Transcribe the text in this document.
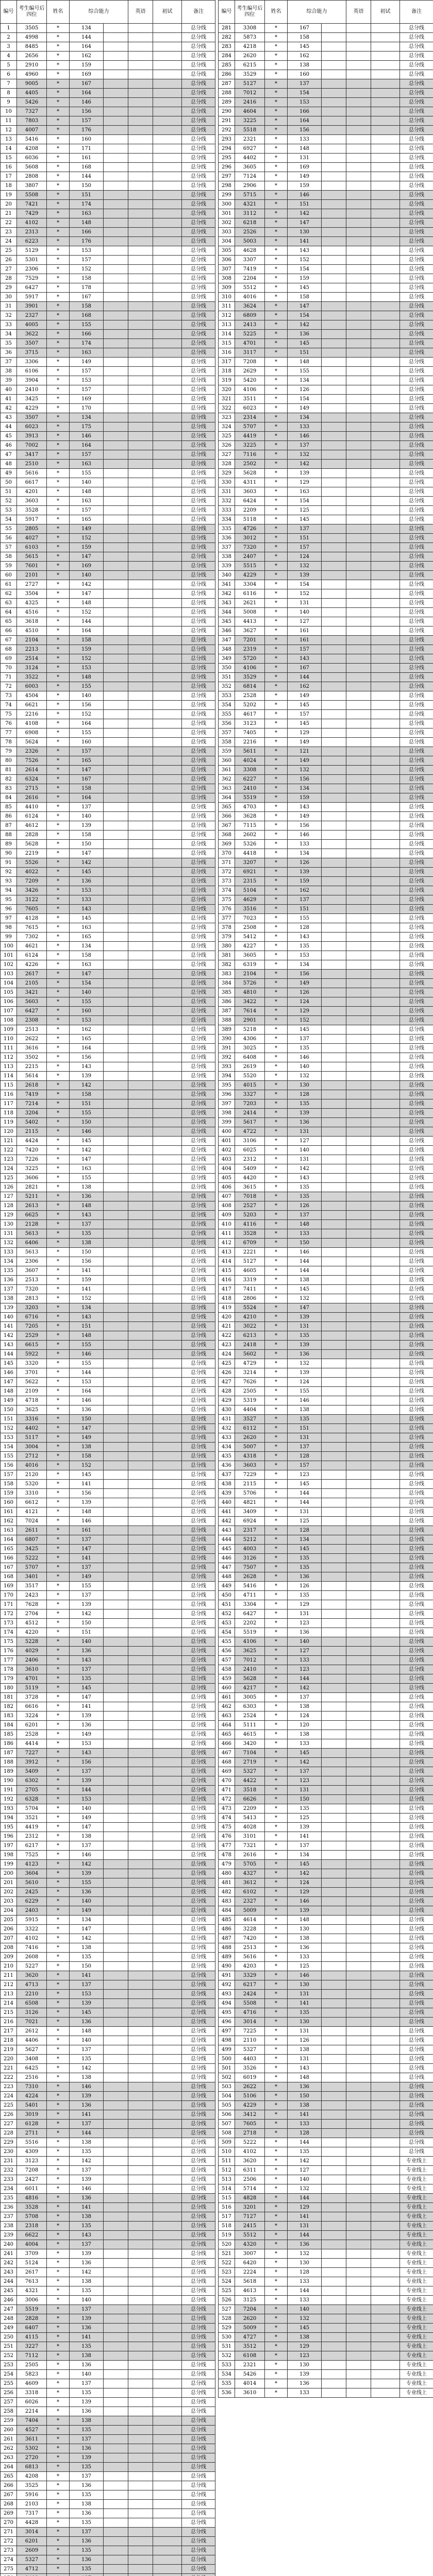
编号	考生编号后四位	姓名	综合能力		英语	初试	备注
1	3505	*	134				总分线
2	4998	*	144				总分线
3	8485	*	164				总分线
4	2656	*	162				总分线
5	2910	*	159				总分线
6	4960	*	169				总分线
7	9005	*	167				总分线
8	4405	*	164				总分线
9	5426	*	146				总分线
10	7327	*	156				总分线
11	7803	*	157				总分线
12	4007	*	176				总分线
13	5416	*	160				总分线
14	4208	*	171				总分线
15	6036	*	161				总分线
16	5608	*	168				总分线
17	2808	*	144				总分线
18	3807	*	150				总分线
19	5508	*	151				总分线
20	7421	*	174				总分线
21	7429	*	163				总分线
22	4102	*	148				总分线
23	2313	*	166				总分线
24	6223	*	176				总分线
25	5129	*	153				总分线
26	5301	*	157				总分线
27	2306	*	152				总分线
28	7529	*	158				总分线
29	6427	*	178				总分线
30	5917	*	167				总分线
31	3901	*	158				总分线
32	2327	*	168				总分线
33	4005	*	155				总分线
34	3622	*	166				总分线
35	3507	*	174				总分线
36	3715	*	163				总分线
37	3306	*	149				总分线
38	6106	*	157				总分线
39	3904	*	153				总分线
40	2410	*	157				总分线
41	3425	*	169				总分线
42	4229	*	170				总分线
43	3507	*	134				总分线
44	6023	*	175				总分线
45	3913	*	146				总分线
46	7002	*	164				总分线
47	3417	*	157				总分线
48	2510	*	163				总分线
49	5616	*	155				总分线
50	6617	*	140				总分线
51	4201	*	148				总分线
52	3603	*	163				总分线
53	3528	*	157				总分线
54	5917	*	165				总分线
55	2805	*	149				总分线
56	4027	*	152				总分线
57	6103	*	159				总分线
58	5615	*	147				总分线
59	7601	*	169				总分线
60	2101	*	140				总分线
61	2727	*	142				总分线
62	3504	*	147				总分线
63	4325	*	148				总分线
64	4516	*	152				总分线
65	3618	*	144				总分线
66	4510	*	164				总分线
67	2104	*	158				总分线
68	2213	*	159				总分线
69	2514	*	152				总分线
70	3124	*	153				总分线
71	3522	*	148				总分线
72	6003	*	155				总分线
73	4504	*	140				总分线
74	6621	*	156				总分线
75	2216	*	152				总分线
76	4108	*	164				总分线
77	6908	*	155				总分线
78	5624	*	160				总分线
79	2326	*	157				总分线
80	7526	*	165				总分线
81	2614	*	147				总分线
82	6324	*	167				总分线
83	2715	*	158				总分线
84	2616	*	164				总分线
85	4410	*	137				总分线
86	6124	*	140				总分线
87	4612	*	139				总分线
88	2828	*	158				总分线
89	5628	*	150				总分线
90	2219	*	147				总分线
91	5526	*	142				总分线
92	4022	*	145				总分线
93	7209	*	136				总分线
94	3426	*	153				总分线
95	3122	*	133				总分线
96	7605	*	143				总分线
97	4128	*	145				总分线
98	7615	*	163				总分线
99	7302	*	165				总分线
100	4621	*	134				总分线
101	6124	*	158				总分线
102	4226	*	163				总分线
103	2617	*	147				总分线
104	2105	*	154				总分线
105	3421	*	140				总分线
106	5603	*	155				总分线
107	6427	*	160				总分线
108	2308	*	153				总分线
109	2513	*	162				总分线
110	2622	*	165				总分线
111	3616	*	164				总分线
112	3502	*	156				总分线
113	2215	*	143				总分线
114	5614	*	139				总分线
115	2618	*	142				总分线
116	7419	*	158				总分线
117	7214	*	151				总分线
118	3204	*	155				总分线
119	5402	*	150				总分线
120	2115	*	146				总分线
121	4424	*	145				总分线
122	7420	*	142				总分线
123	7226	*	147				总分线
124	3225	*	163				总分线
125	3606	*	155				总分线
126	2821	*	138				总分线
127	5211	*	136				总分线
128	2613	*	148				总分线
129	6625	*	143				总分线
130	2128	*	137				总分线
131	5613	*	135				总分线
132	6406	*	138				总分线
133	5613	*	150				总分线
134	2306	*	156				总分线
135	3607	*	141				总分线
136	2513	*	159				总分线
137	7320	*	141				总分线
138	2813	*	152				总分线
139	3203	*	134				总分线
140	6716	*	143				总分线
141	7205	*	151				总分线
142	2529	*	148				总分线
143	6615	*	155				总分线
144	5922	*	146				总分线
145	3320	*	155				总分线
146	3701	*	144				总分线
147	5622	*	153				总分线
148	2109	*	164				总分线
149	4718	*	146				总分线
150	3625	*	136				总分线
151	3316	*	150				总分线
152	4402	*	147				总分线
153	5117	*	149				总分线
154	3004	*	138				总分线
155	2712	*	158				总分线
156	4016	*	152				总分线
157	2120	*	145				总分线
158	5320	*	141				总分线
159	3310	*	156				总分线
160	6612	*	139				总分线
161	4121	*	148				总分线
162	7024	*	146				总分线
163	2611	*	161				总分线
164	6807	*	137				总分线
165	3425	*	147				总分线
166	5222	*	141				总分线
167	5707	*	137				总分线
168	3401	*	149				总分线
169	3517	*	155				总分线
170	2423	*	137				总分线
171	7628	*	139				总分线
172	2704	*	142				总分线
173	4512	*	150				总分线
174	4220	*	151				总分线
175	5228	*	140				总分线
176	4029	*	136				总分线
177	2406	*	143				总分线
178	3610	*	137				总分线
179	4701	*	135				总分线
180	5119	*	145				总分线
181	3728	*	147				总分线
182	6616	*	141				总分线
183	3224	*	139				总分线
184	6201	*	136				总分线
185	2528	*	149				总分线
186	4414	*	153				总分线
187	7227	*	143				总分线
188	3912	*	156				总分线
189	5409	*	137				总分线
190	6302	*	139				总分线
191	2705	*	144				总分线
192	6328	*	153				总分线
193	5704	*	140				总分线
194	3521	*	149				总分线
195	4419	*	147				总分线
196	2312	*	138				总分线
197	6217	*	137				总分线
198	7525	*	146				总分线
199	4123	*	142				总分线
200	3604	*	139				总分线
201	5610	*	155				总分线
202	2425	*	136				总分线
203	6229	*	140				总分线
204	2403	*	149				总分线
205	5915	*	134				总分线
206	3322	*	147				总分线
207	4102	*	142				总分线
208	7416	*	138				总分线
209	2608	*	135				总分线
210	5227	*	150				总分线
211	3620	*	141				总分线
212	4713	*	137				总分线
213	2210	*	153				总分线
214	6508	*	139				总分线
215	3126	*	145				总分线
216	7021	*	136				总分线
217	2612	*	148				总分线
218	4406	*	140				总分线
219	5627	*	137				总分线
220	3408	*	135				总分线
221	6425	*	142				总分线
222	2516	*	138				总分线
223	7310	*	146				总分线
224	4224	*	139				总分线
225	5401	*	136				总分线
226	3019	*	141				总分线
227	6128	*	137				总分线
228	2711	*	144				总分线
229	5516	*	138				总分线
230	4309	*	135				总分线
231	3123	*	142				总分线
232	7208	*	137				总分线
233	2427	*	139				总分线
234	6011	*	146				总分线
235	4816	*	136				总分线
236	3528	*	141				总分线
237	5708	*	138				总分线
238	2318	*	135				总分线
239	6622	*	143				总分线
240	4004	*	137				总分线
241	3709	*	139				总分线
242	5124	*	136				总分线
243	2617	*	142				总分线
244	7613	*	138				总分线
245	4321	*	135				总分线
246	3006	*	140				总分线
247	5519	*	137				总分线
248	2828	*	139				总分线
249	6407	*	136				总分线
250	4115	*	141				总分线
251	3227	*	135				总分线
252	7112	*	138				总分线
253	2505	*	136				总分线
254	5823	*	140				总分线
255	4609	*	137				总分线
256	3318	*	135				总分线
257	6026	*	139				总分线
258	2214	*	136				总分线
259	7404	*	138				总分线
260	4527	*	135				总分线
261	3611	*	137				总分线
262	5302	*	136				总分线
263	2720	*	139				总分线
264	6813	*	135				总分线
265	4208	*	137				总分线
266	3525	*	136				总分线
267	5916	*	135				总分线
268	2103	*	138				总分线
269	7317	*	136				总分线
270	4428	*	135				总分线
271	3014	*	137				总分线
272	6201	*	136				总分线
273	2609	*	135				总分线
274	5327	*	136				总分线
275	4712	*	135				总分线

编号	考生编号后四位	姓名	综合能力		英语	初试	备注
281	3308	*	167				总分线
282	5873	*	158				总分线
283	4218	*	145				总分线
284	2620	*	162				总分线
285	6215	*	138				总分线
286	3529	*	160				总分线
287	5127	*	137				总分线
288	7012	*	154				总分线
289	2416	*	153				总分线
290	4604	*	166				总分线
291	3225	*	164				总分线
292	5518	*	156				总分线
293	2321	*	133				总分线
294	6927	*	148				总分线
295	4402	*	131				总分线
296	3605	*	169				总分线
297	7124	*	149				总分线
298	2906	*	159				总分线
299	5715	*	146				总分线
300	4321	*	151				总分线
301	3112	*	142				总分线
302	6218	*	147				总分线
303	2526	*	130				总分线
304	5003	*	141				总分线
305	4628	*	143				总分线
306	3307	*	152				总分线
307	7419	*	154				总分线
308	2204	*	159				总分线
309	5512	*	145				总分线
310	4016	*	158				总分线
311	3624	*	147				总分线
312	6809	*	154				总分线
313	2413	*	142				总分线
314	5225	*	136				总分线
315	4701	*	145				总分线
316	3117	*	151				总分线
317	7208	*	148				总分线
318	2629	*	155				总分线
319	5420	*	134				总分线
320	4106	*	126				总分线
321	3511	*	154				总分线
322	6023	*	149				总分线
323	2314	*	134				总分线
324	5707	*	133				总分线
325	4419	*	146				总分线
326	3225	*	137				总分线
327	7116	*	132				总分线
328	2502	*	142				总分线
329	5628	*	139				总分线
330	4311	*	129				总分线
331	3603	*	163				总分线
332	6424	*	154				总分线
333	2209	*	125				总分线
334	5118	*	145				总分线
335	4726	*	137				总分线
336	3012	*	151				总分线
337	7320	*	157				总分线
338	2407	*	124				总分线
339	5515	*	132				总分线
340	4229	*	139				总分线
341	3304	*	154				总分线
342	6116	*	152				总分线
343	2621	*	131				总分线
344	5008	*	140				总分线
345	4413	*	127				总分线
346	3627	*	161				总分线
347	7201	*	161				总分线
348	2319	*	157				总分线
349	5720	*	143				总分线
350	4106	*	167				总分线
351	3529	*	144				总分线
352	6814	*	162				总分线
353	2528	*	149				总分线
354	5202	*	145				总分线
355	4617	*	157				总分线
356	3123	*	145				总分线
357	7405	*	129				总分线
358	2216	*	149				总分线
359	5611	*	121				总分线
360	4024	*	149				总分线
361	3308	*	132				总分线
362	6227	*	156				总分线
363	2410	*	134				总分线
364	5519	*	159				总分线
365	4703	*	143				总分线
366	3628	*	149				总分线
367	7115	*	156				总分线
368	2602	*	146				总分线
369	5326	*	133				总分线
370	4418	*	134				总分线
371	3207	*	126				总分线
372	6921	*	139				总分线
373	2315	*	159				总分线
374	5104	*	162				总分线
375	4629	*	137				总分线
376	3516	*	151				总分线
377	7023	*	155				总分线
378	2508	*	128				总分线
379	5412	*	143				总分线
380	4227	*	135				总分线
381	3605	*	153				总分线
382	6319	*	134				总分线
383	2104	*	156				总分线
384	5726	*	149				总分线
385	4810	*	126				总分线
386	3422	*	124				总分线
387	7614	*	129				总分线
388	2901	*	152				总分线
389	5218	*	145				总分线
390	4306	*	137				总分线
391	3025	*	135				总分线
392	6408	*	146				总分线
393	2619	*	140				总分线
394	5520	*	132				总分线
395	4015	*	130				总分线
396	3327	*	128				总分线
397	7203	*	135				总分线
398	2414	*	139				总分线
399	5617	*	136				总分线
400	4722	*	131				总分线
401	3106	*	127				总分线
402	6025	*	140				总分线
403	2312	*	131				总分线
404	5409	*	142				总分线
405	4420	*	143				总分线
406	3615	*	135				总分线
407	7018	*	135				总分线
408	2527	*	126				总分线
409	5203	*	137				总分线
410	4116	*	148				总分线
411	3528	*	133				总分线
412	6709	*	150				总分线
413	2221	*	146				总分线
414	5127	*	144				总分线
415	4605	*	144				总分线
416	3319	*	138				总分线
417	7411	*	145				总分线
418	2806	*	132				总分线
419	5524	*	147				总分线
420	4210	*	139				总分线
421	3022	*	131				总分线
422	6213	*	135				总分线
423	2418	*	139				总分线
424	5602	*	136				总分线
425	4729	*	132				总分线
426	3214	*	139				总分线
427	7626	*	124				总分线
428	2505	*	155				总分线
429	5319	*	146				总分线
430	4404	*	138				总分线
431	3527	*	135				总分线
432	6112	*	151				总分线
433	2620	*	131				总分线
434	5007	*	137				总分线
435	4318	*	128				总分线
436	3603	*	157				总分线
437	7229	*	123				总分线
438	2115	*	145				总分线
439	5706	*	144				总分线
440	4821	*	144				总分线
441	3409	*	131				总分线
442	6924	*	125				总分线
443	2317	*	128				总分线
444	5212	*	134				总分线
445	4003	*	145				总分线
446	3126	*	135				总分线
447	7507	*	135				总分线
448	2628	*	136				总分线
449	5416	*	126				总分线
450	4711	*	135				总分线
451	3304	*	129				总分线
452	6427	*	131				总分线
453	2202	*	123				总分线
454	5519	*	136				总分线
455	4106	*	140				总分线
456	3625	*	127				总分线
457	7012	*	133				总分线
458	2410	*	123				总分线
459	5628	*	144				总分线
460	4217	*	142				总分线
461	3005	*	137				总分线
462	6303	*	138				总分线
463	2524	*	124				总分线
464	5111	*	120				总分线
465	4615	*	138				总分线
466	3420	*	133				总分线
467	7104	*	145				总分线
468	2719	*	142				总分线
469	5327	*	137				总分线
470	4422	*	123				总分线
471	3518	*	131				总分线
472	6626	*	150				总分线
473	2209	*	135				总分线
474	5413	*	125				总分线
475	4028	*	139				总分线
476	3101	*	141				总分线
477	7321	*	137				总分线
478	2616	*	134				总分线
479	5705	*	145				总分线
480	4327	*	142				总分线
481	3612	*	124				总分线
482	6102	*	129				总分线
483	2327	*	146				总分线
484	5009	*	139				总分线
485	4614	*	148				总分线
486	3228	*	130				总分线
487	7420	*	138				总分线
488	2513	*	136				总分线
489	5616	*	133				总分线
490	4203	*	125				总分线
491	3329	*	146				总分线
492	6217	*	130				总分线
493	2424	*	131				总分线
494	5508	*	141				总分线
495	4716	*	135				总分线
496	3014	*	130				总分线
497	7225	*	131				总分线
498	2110	*	126				总分线
499	5327	*	138				总分线
500	4403	*	131				总分线
501	3526	*	143				总分线
502	6019	*	148				总分线
503	2622	*	136				总分线
504	5106	*	150				总分线
505	4229	*	138				总分线
506	3412	*	141				总分线
507	7605	*	133				总分线
508	2718	*	128				总分线
509	5222	*	144				总分线
510	4102	*	135				总分线
511	3620	*	142				专业线上
512	6311	*	127				专业线上
513	2506	*	140				专业线上
514	5714	*	132				专业线上
515	4828	*	144				专业线上
516	3201	*	129				专业线上
517	7127	*	141				专业线上
518	2415	*	131				专业线上
519	5512	*	144				专业线上
520	4320	*	136				专业线上
521	3007	*	132				专业线上
522	6420	*	130				专业线上
523	2224	*	128				专业线上
524	5618	*	133				专业线上
525	4613	*	144				专业线上
526	3125	*	133				专业线上
527	7204	*	140				专业线上
528	2620	*	132				专业线上
529	5009	*	145				专业线上
530	4727	*	138				专业线上
531	3512	*	129				专业线上
532	6108	*	123				专业线上
533	2321	*	130				专业线上
534	5426	*	139				专业线上
535	4014	*	136				专业线上
536	3610	*	133				专业线上
